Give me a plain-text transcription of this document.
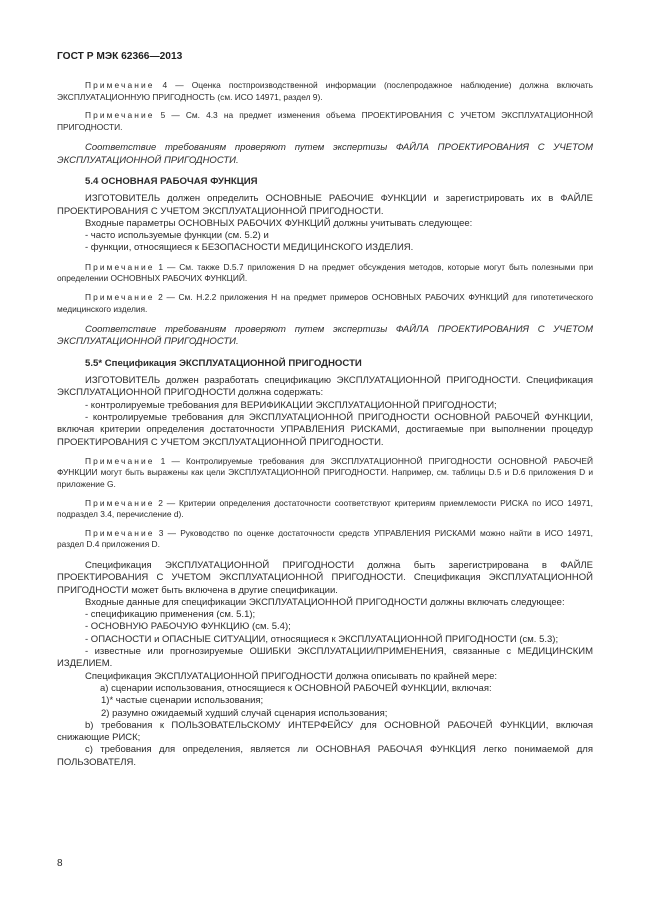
ГОСТ Р МЭК 62366—2013

Примечание 4 — Оценка постпроизводственной информации (послепродажное наблюдение) должна включать ЭКСПЛУАТАЦИОННУЮ ПРИГОДНОСТЬ (см. ИСО 14971, раздел 9).

Примечание 5 — См. 4.3 на предмет изменения объема ПРОЕКТИРОВАНИЯ С УЧЕТОМ ЭКСПЛУАТАЦИОННОЙ ПРИГОДНОСТИ.

Соответствие требованиям проверяют путем экспертизы ФАЙЛА ПРОЕКТИРОВАНИЯ С УЧЕТОМ ЭКСПЛУАТАЦИОННОЙ ПРИГОДНОСТИ.

5.4 ОСНОВНАЯ РАБОЧАЯ ФУНКЦИЯ

ИЗГОТОВИТЕЛЬ должен определить ОСНОВНЫЕ РАБОЧИЕ ФУНКЦИИ и зарегистрировать их в ФАЙЛЕ ПРОЕКТИРОВАНИЯ С УЧЕТОМ ЭКСПЛУАТАЦИОННОЙ ПРИГОДНОСТИ.

Входные параметры ОСНОВНЫХ РАБОЧИХ ФУНКЦИЙ должны учитывать следующее:

- часто используемые функции (см. 5.2) и

- функции, относящиеся к БЕЗОПАСНОСТИ МЕДИЦИНСКОГО ИЗДЕЛИЯ.

Примечание 1 — См. также D.5.7 приложения D на предмет обсуждения методов, которые могут быть полезными при определении ОСНОВНЫХ РАБОЧИХ ФУНКЦИЙ.

Примечание 2 — См. H.2.2 приложения H на предмет примеров ОСНОВНЫХ РАБОЧИХ ФУНКЦИЙ для гипотетического медицинского изделия.

Соответствие требованиям проверяют путем экспертизы ФАЙЛА ПРОЕКТИРОВАНИЯ С УЧЕТОМ ЭКСПЛУАТАЦИОННОЙ ПРИГОДНОСТИ.

5.5* Спецификация ЭКСПЛУАТАЦИОННОЙ ПРИГОДНОСТИ

ИЗГОТОВИТЕЛЬ должен разработать спецификацию ЭКСПЛУАТАЦИОННОЙ ПРИГОДНОСТИ. Спецификация ЭКСПЛУАТАЦИОННОЙ ПРИГОДНОСТИ должна содержать:

- контролируемые требования для ВЕРИФИКАЦИИ ЭКСПЛУАТАЦИОННОЙ ПРИГОДНОСТИ;

- контролируемые требования для ЭКСПЛУАТАЦИОННОЙ ПРИГОДНОСТИ ОСНОВНОЙ РАБОЧЕЙ ФУНКЦИИ, включая критерии определения достаточности УПРАВЛЕНИЯ РИСКАМИ, достигаемые при выполнении процедур ПРОЕКТИРОВАНИЯ С УЧЕТОМ ЭКСПЛУАТАЦИОННОЙ ПРИГОДНОСТИ.

Примечание 1 — Контролируемые требования для ЭКСПЛУАТАЦИОННОЙ ПРИГОДНОСТИ ОСНОВНОЙ РАБОЧЕЙ ФУНКЦИИ могут быть выражены как цели ЭКСПЛУАТАЦИОННОЙ ПРИГОДНОСТИ. Например, см. таблицы D.5 и D.6 приложения D и приложение G.

Примечание 2 — Критерии определения достаточности соответствуют критериям приемлемости РИСКА по ИСО 14971, подраздел 3.4, перечисление d).

Примечание 3 — Руководство по оценке достаточности средств УПРАВЛЕНИЯ РИСКАМИ можно найти в ИСО 14971, раздел D.4 приложения D.

Спецификация ЭКСПЛУАТАЦИОННОЙ ПРИГОДНОСТИ должна быть зарегистрирована в ФАЙЛЕ ПРОЕКТИРОВАНИЯ С УЧЕТОМ ЭКСПЛУАТАЦИОННОЙ ПРИГОДНОСТИ. Спецификация ЭКСПЛУАТАЦИОННОЙ ПРИГОДНОСТИ может быть включена в другие спецификации.

Входные данные для спецификации ЭКСПЛУАТАЦИОННОЙ ПРИГОДНОСТИ должны включать следующее:

- спецификацию применения (см. 5.1);

- ОСНОВНУЮ РАБОЧУЮ ФУНКЦИЮ (см. 5.4);

- ОПАСНОСТИ и ОПАСНЫЕ СИТУАЦИИ, относящиеся к ЭКСПЛУАТАЦИОННОЙ ПРИГОДНОСТИ (см. 5.3);

- известные или прогнозируемые ОШИБКИ ЭКСПЛУАТАЦИИ/ПРИМЕНЕНИЯ, связанные с МЕДИЦИНСКИМ ИЗДЕЛИЕМ.

Спецификация ЭКСПЛУАТАЦИОННОЙ ПРИГОДНОСТИ должна описывать по крайней мере:

а) сценарии использования, относящиеся к ОСНОВНОЙ РАБОЧЕЙ ФУНКЦИИ, включая:

1)* частые сценарии использования;

2) разумно ожидаемый худший случай сценария использования;

b) требования к ПОЛЬЗОВАТЕЛЬСКОМУ ИНТЕРФЕЙСУ для ОСНОВНОЙ РАБОЧЕЙ ФУНКЦИИ, включая снижающие РИСК;

c) требования для определения, является ли ОСНОВНАЯ РАБОЧАЯ ФУНКЦИЯ легко понимаемой для ПОЛЬЗОВАТЕЛЯ.

8
